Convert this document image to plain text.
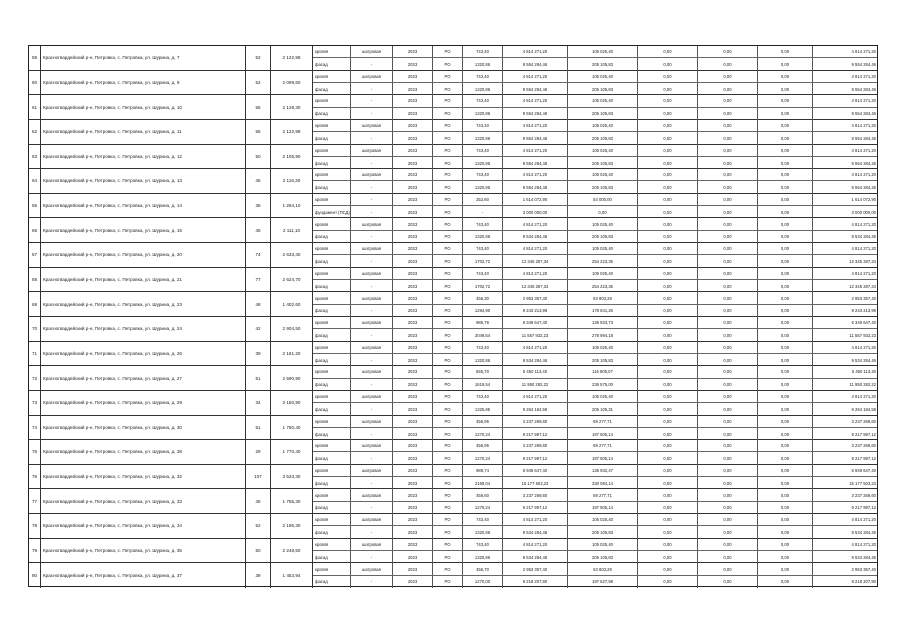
59	Красногвардейский р-н, Петровка, с. Петровка, ул. Шурина, д. 7	52	2 122,98
кровля	шатровая	2023	РО	743,40	4 814 271,20	105 025,40	0,00	0,00	0,00	4 814 271,20
фасад	-	2023	РО	1320,86	9 554 284,46	205 105,83	0,00	0,00	0,00	9 554 284,46
60	Красногвардейский р-н, Петровка, с. Петровка, ул. Шурина, д. 9	52	2 099,60
кровля	шатровая	2023	РО	743,40	4 814 271,20	105 025,40	0,00	0,00	0,00	4 814 271,20
фасад	-	2023	РО	1320,86	9 554 284,46	205 105,83	0,00	0,00	0,00	9 554 284,46
61	Красногвардейский р-н, Петровка, с. Петровка, ул. Шурина, д. 10	55	2 129,30
кровля	-	2023	РО	743,40	4 814 271,20	105 025,40	0,00	0,00	0,00	4 814 271,20
фасад	-	2023	РО	1320,86	9 554 284,46	205 105,83	0,00	0,00	0,00	9 554 284,46
62	Красногвардейский р-н, Петровка, с. Петровка, ул. Шурина, д. 11	56	2 122,99
кровля	шатровая	2023	РО	743,40	4 814 271,20	105 025,40	0,00	0,00	0,00	4 814 271,20
фасад	-	2023	РО	1320,86	9 554 284,46	205 105,83	0,00	0,00	0,00	9 554 284,46
63	Красногвардейский р-н, Петровка, с. Петровка, ул. Шурина, д. 12	50	2 105,90
кровля	шатровая	2023	РО	743,40	4 814 271,20	105 025,40	0,00	0,00	0,00	4 814 271,20
фасад	-	2023	РО	1320,86	9 554 284,46	205 105,83	0,00	0,00	0,00	9 554 284,46
64	Красногвардейский р-н, Петровка, с. Петровка, ул. Шурина, д. 13	45	2 116,30
кровля	шатровая	2023	РО	743,40	4 814 271,20	105 025,40	0,00	0,00	0,00	4 814 271,20
фасад	-	2023	РО	1320,86	9 554 284,46	205 105,83	0,00	0,00	0,00	9 554 284,46
65	Красногвардейский р-н, Петровка, с. Петровка, ул. Шурина, д. 14	36	1 264,10
кровля	-	2023	РО	252,60	1 614 072,90	54 000,00	0,00	0,00	0,00	1 614 072,90
фундамент (ПСД)	-	2023	РО	-	3 000 000,00	0,00	0,00	0,00	0,00	3 000 000,00
66	Красногвардейский р-н, Петровка, с. Петровка, ул. Шурина, д. 15	45	2 111,10
кровля	шатровая	2023	РО	743,40	4 814 271,20	105 025,40	0,00	0,00	0,00	4 814 271,20
фасад	-	2023	РО	1320,86	9 534 284,46	205 105,83	0,00	0,00	0,00	9 534 284,46
67	Красногвардейский р-н, Петровка, с. Петровка, ул. Шурина, д. 20	74	2 633,40
кровля	шатровая	2023	РО	743,40	4 814 271,20	105 025,40	0,00	0,00	0,00	4 814 271,20
фасад	-	2023	РО	1702,72	12 345 287,34	254 223,35	0,00	0,00	0,00	12 345 287,34
68	Красногвардейский р-н, Петровка, с. Петровка, ул. Шурина, д. 21	77	2 624,70
кровля	шатровая	2023	РО	743,40	4 814 271,20	105 025,40	0,00	0,00	0,00	4 814 271,20
фасад	-	2023	РО	1702,72	12 345 287,34	254 223,35	0,00	0,00	0,00	12 345 287,34
69	Красногвардейский р-н, Петровка, с. Петровка, ул. Шурина, д. 23	48	1 402,60
кровля	шатровая	2023	РО	456,30	2 953 357,40	63 803,29	0,00	0,00	0,00	2 953 357,40
фасад	-	2023	РО	1294,90	9 243 213,99	178 841,26	0,00	0,00	0,00	9 243 213,99
70	Красногвардейский р-н, Петровка, с. Петровка, ул. Шурина, д. 24	42	2 904,50
кровля	шатровая	2023	РО	985,76	6 349 647,40	136 933,73	0,00	0,00	0,00	6 349 647,40
фасад	-	2023	РО	2049,54	11 557 932,23	278 994,18	0,00	0,00	0,00	11 557 932,23
71	Красногвардейский р-н, Петровка, с. Петровка, ул. Шурина, д. 26	39	2 161,20
кровля	шатровая	2023	РО	743,40	4 814 271,20	105 025,40	0,00	0,00	0,00	4 814 271,20
фасад	-	2023	РО	1320,86	9 534 284,46	205 105,83	0,00	0,00	0,00	9 534 284,46
72	Красногвардейский р-н, Петровка, с. Петровка, ул. Шурина, д. 27	51	2 590,90
кровля	шатровая	2023	РО	845,70	5 450 113,40	116 805,07	0,00	0,00	0,00	5 450 113,40
фасад	-	2023	РО	1619,54	11 950 282,22	236 575,00	0,00	0,00	0,00	11 950 282,22
73	Красногвардейский р-н, Петровка, с. Петровка, ул. Шурина, д. 29	34	2 150,90
кровля	шатровая	2023	РО	743,40	4 814 271,20	105 025,40	0,00	0,00	0,00	4 814 271,20
фасад	-	2023	РО	1325,85	9 264 184,58	205 105,31	0,00	0,00	0,00	9 264 184,58
74	Красногвардейский р-н, Петровка, с. Петровка, ул. Шурина, д. 30	51	1 750,40
кровля	шатровая	2023	РО	456,95	3 237 269,60	69 277,71	0,00	0,00	0,00	3 237 269,60
фасад	-	2023	РО	1270,24	9 217 997,12	197 505,14	0,00	0,00	0,00	9 217 997,12
75	Красногвардейский р-н, Петровка, с. Петровка, ул. Шурина, д. 38	29	1 770,40
кровля	шатровая	2023	РО	456,95	3 237 269,60	69 277,71	0,00	0,00	0,00	3 237 269,60
фасад	-	2023	РО	1270,24	9 217 997,12	197 505,14	0,00	0,00	0,00	9 217 997,12
76	Красногвардейский р-н, Петровка, с. Петровка, ул. Шурина, д. 32	107	3 533,30
кровля	шатровая	2023	РО	989,74	6 949 647,40	136 932,47	0,00	0,00	0,00	6 949 647,40
фасад	-	2023	РО	2169,04	15 177 503,23	330 084,14	0,00	0,00	0,00	15 177 503,23
77	Красногвардейский р-н, Петровка, с. Петровка, ул. Шурина, д. 33	45	1 755,30
кровля	шатровая	2023	РО	456,60	3 237 269,60	69 277,71	0,00	0,00	0,00	3 237 269,60
фасад	-	2023	РО	1270,24	9 217 997,12	197 505,14	0,00	0,00	0,00	9 217 997,12
78	Красногвардейский р-н, Петровка, с. Петровка, ул. Шурина, д. 34	52	2 195,30
кровля	шатровая	2023	РО	743,40	4 814 271,20	105 025,40	0,00	0,00	0,00	4 814 271,20
фасад	-	2023	РО	1320,86	9 534 284,46	205 105,83	0,00	0,00	0,00	9 534 284,46
79	Красногвардейский р-н, Петровка, с. Петровка, ул. Шурина, д. 35	50	2 248,50
кровля	шатровая	2023	РО	743,40	4 814 271,20	105 025,40	0,00	0,00	0,00	4 814 271,20
фасад	-	2023	РО	1320,86	9 534 284,46	205 105,83	0,00	0,00	0,00	9 534 284,46
80	Красногвардейский р-н, Петровка, с. Петровка, ул. Шурина, д. 37	39	1 453,94
кровля	шатровая	2023	РО	456,70	2 953 357,40	63 803,29	0,00	0,00	0,00	2 953 357,40
фасад	-	2023	РО	1270,00	9 218 207,90	197 527,98	0,00	0,00	0,00	9 218 207,90
